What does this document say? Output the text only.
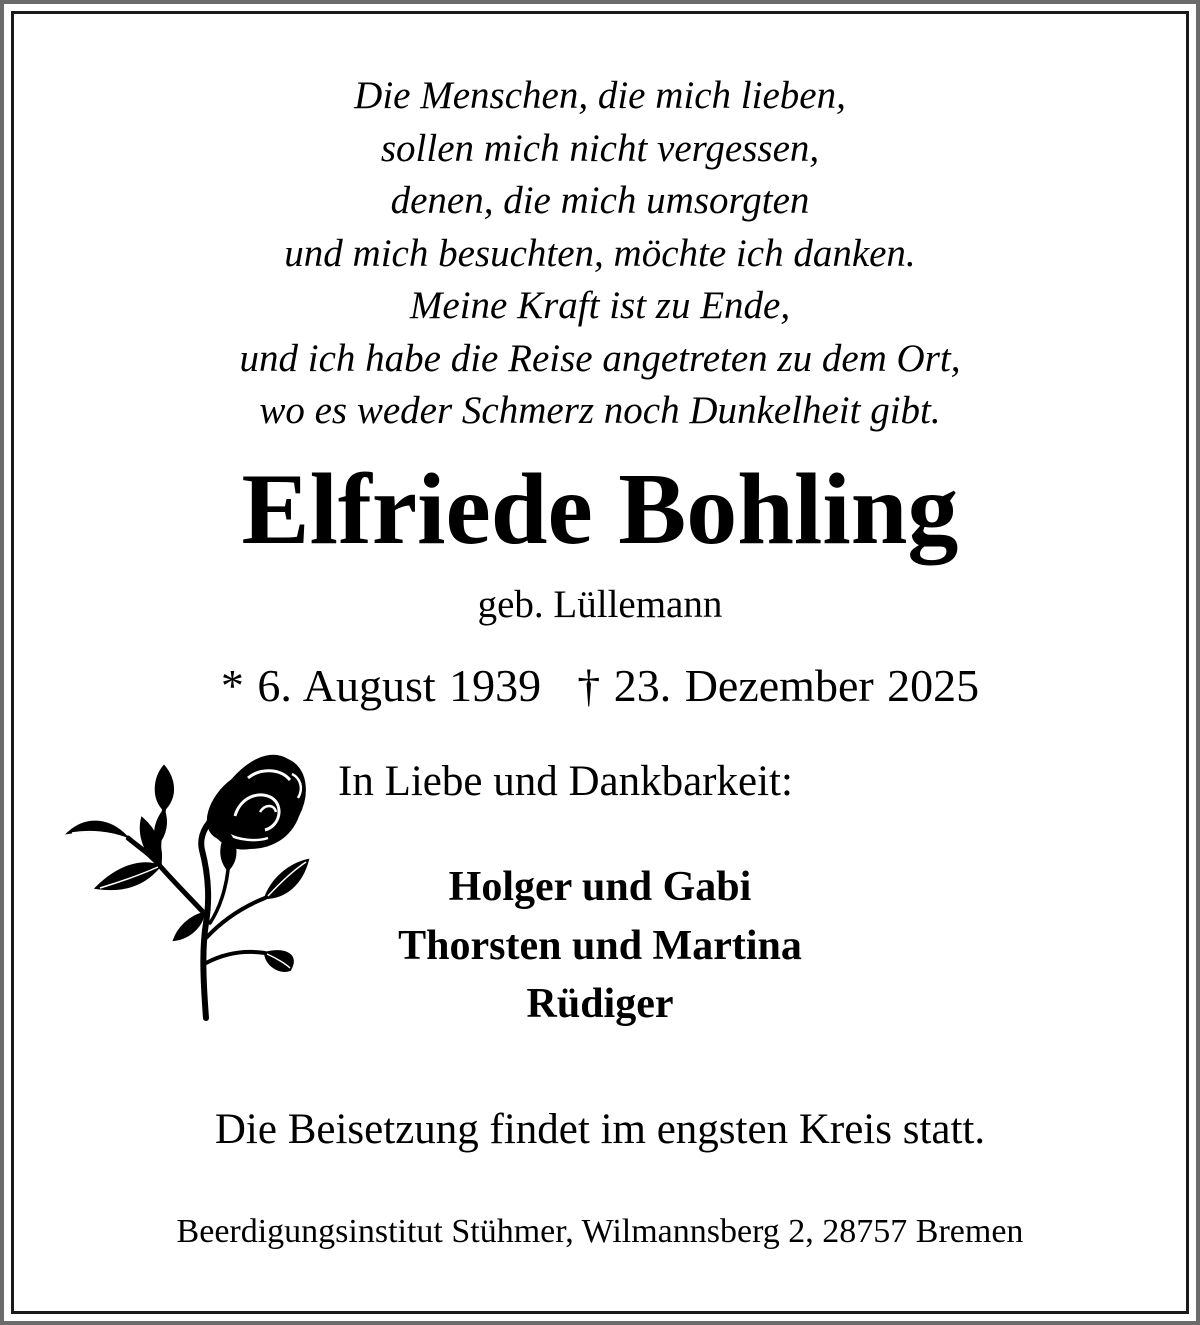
Die Menschen, die mich lieben,
sollen mich nicht vergessen,
denen, die mich umsorgten
und mich besuchten, möchte ich danken.
Meine Kraft ist zu Ende,
und ich habe die Reise angetreten zu dem Ort,
wo es weder Schmerz noch Dunkelheit gibt.
Elfriede Bohling
geb. Lüllemann
* 6. August 1939 † 23. Dezember 2025
In Liebe und Dankbarkeit:
Holger und Gabi
Thorsten und Martina
Rüdiger
Die Beisetzung findet im engsten Kreis statt.
Beerdigungsinstitut Stühmer, Wilmannsberg 2, 28757 Bremen
